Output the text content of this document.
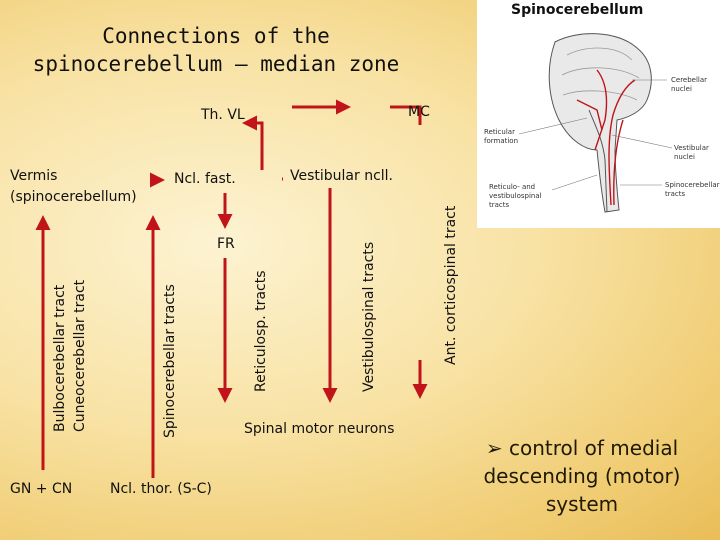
Connections of the
spinocerebellum – median zone
Th. VL	MC
Vermis
(spinocerebellum)
Ncl. fast.	Vestibular ncll.
FR
Spinal motor neurons
GN + CN	Ncl. thor. (S-C)
Bulbocerebellar tract Cuneocerebellar tract	Spinocerebellar tracts	Reticulosp. tracts	Vestibulospinal tracts	Ant. corticospinal tract
Spinocerebellum
Cerebellar
nuclei
Reticular
formation
Vestibular
nuclei
Reticulo- and
vestibulospinal
tracts
Spinocerebellar
tracts
➢ control of medial descending (motor) system
